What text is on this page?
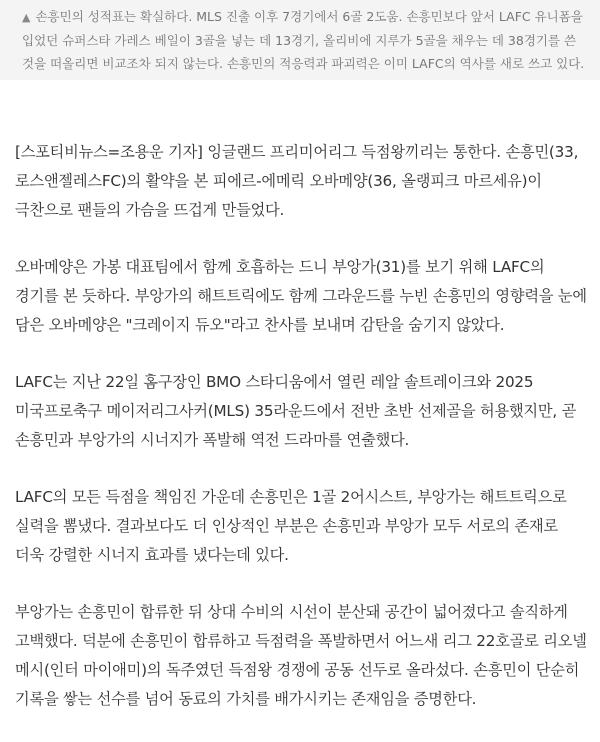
▲ 손흥민의 성적표는 확실하다. MLS 진출 이후 7경기에서 6골 2도움. 손흥민보다 앞서 LAFC 유니폼을 입었던 슈퍼스타 가레스 베일이 3골을 넣는 데 13경기, 올리비에 지루가 5골을 채우는 데 38경기를 쓴 것을 떠올리면 비교조차 되지 않는다. 손흥민의 적응력과 파괴력은 이미 LAFC의 역사를 새로 쓰고 있다.

[스포티비뉴스=조용운 기자] 잉글랜드 프리미어리그 득점왕끼리는 통한다. 손흥민(33, 로스앤젤레스FC)의 활약을 본 피에르-에메릭 오바메양(36, 올랭피크 마르세유)이 극찬으로 팬들의 가슴을 뜨겁게 만들었다.

오바메양은 가봉 대표팀에서 함께 호흡하는 드니 부앙가(31)를 보기 위해 LAFC의 경기를 본 듯하다. 부앙가의 해트트릭에도 함께 그라운드를 누빈 손흥민의 영향력을 눈에 담은 오바메양은 "크레이지 듀오"라고 찬사를 보내며 감탄을 숨기지 않았다.

LAFC는 지난 22일 홈구장인 BMO 스타디움에서 열린 레알 솔트레이크와 2025 미국프로축구 메이저리그사커(MLS) 35라운드에서 전반 초반 선제골을 허용했지만, 곧 손흥민과 부앙가의 시너지가 폭발해 역전 드라마를 연출했다.

LAFC의 모든 득점을 책임진 가운데 손흥민은 1골 2어시스트, 부앙가는 해트트릭으로 실력을 뽐냈다. 결과보다도 더 인상적인 부분은 손흥민과 부앙가 모두 서로의 존재로 더욱 강렬한 시너지 효과를 냈다는데 있다.

부앙가는 손흥민이 합류한 뒤 상대 수비의 시선이 분산돼 공간이 넓어졌다고 솔직하게 고백했다. 덕분에 손흥민이 합류하고 득점력을 폭발하면서 어느새 리그 22호골로 리오넬 메시(인터 마이애미)의 독주였던 득점왕 경쟁에 공동 선두로 올라섰다. 손흥민이 단순히 기록을 쌓는 선수를 넘어 동료의 가치를 배가시키는 존재임을 증명한다.
